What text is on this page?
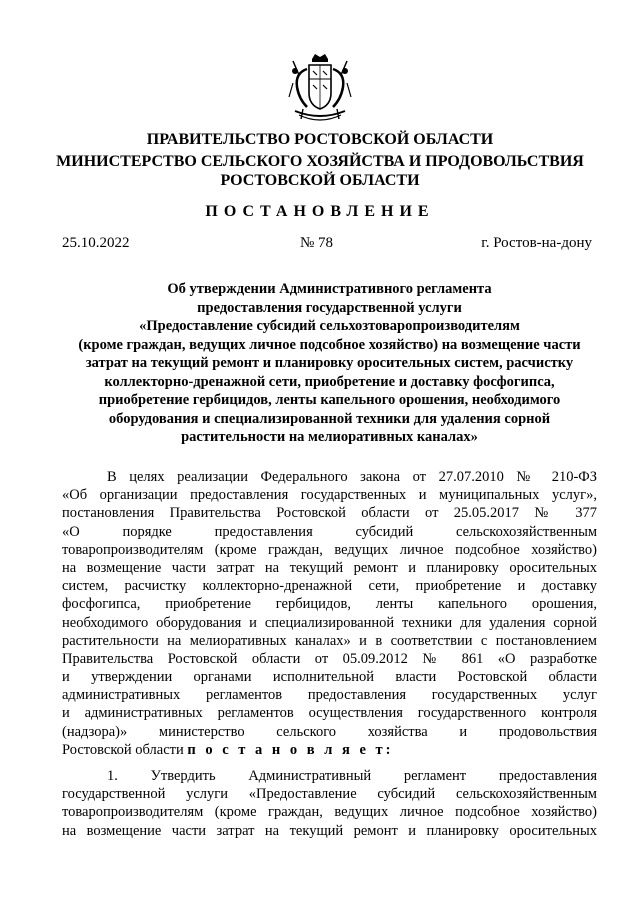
ПРАВИТЕЛЬСТВО РОСТОВСКОЙ ОБЛАСТИ
МИНИСТЕРСТВО СЕЛЬСКОГО ХОЗЯЙСТВА И ПРОДОВОЛЬСТВИЯ
РОСТОВСКОЙ ОБЛАСТИ
ПОСТАНОВЛЕНИЕ
25.10.2022	№ 78	г. Ростов-на-дону
Об утверждении Административного регламента
предоставления государственной услуги
«Предоставление субсидий сельхозтоваропроизводителям
(кроме граждан, ведущих личное подсобное хозяйство) на возмещение части
затрат на текущий ремонт и планировку оросительных систем, расчистку
коллекторно-дренажной сети, приобретение и доставку фосфогипса,
приобретение гербицидов, ленты капельного орошения, необходимого
оборудования и специализированной техники для удаления сорной
растительности на мелиоративных каналах»
В целях реализации Федерального закона от 27.07.2010 № 210-ФЗ
«Об организации предоставления государственных и муниципальных услуг»,
постановления Правительства Ростовской области от 25.05.2017 № 377
«О порядке предоставления субсидий сельскохозяйственным
товаропроизводителям (кроме граждан, ведущих личное подсобное хозяйство)
на возмещение части затрат на текущий ремонт и планировку оросительных
систем, расчистку коллекторно-дренажной сети, приобретение и доставку
фосфогипса, приобретение гербицидов, ленты капельного орошения,
необходимого оборудования и специализированной техники для удаления сорной
растительности на мелиоративных каналах» и в соответствии с постановлением
Правительства Ростовской области от 05.09.2012 № 861 «О разработке
и утверждении органами исполнительной власти Ростовской области
административных регламентов предоставления государственных услуг
и административных регламентов осуществления государственного контроля
(надзора)» министерство сельского хозяйства и продовольствия
Ростовской области п о с т а н о в л я е т:
1. Утвердить Административный регламент предоставления
государственной услуги «Предоставление субсидий сельскохозяйственным
товаропроизводителям (кроме граждан, ведущих личное подсобное хозяйство)
на возмещение части затрат на текущий ремонт и планировку оросительных
